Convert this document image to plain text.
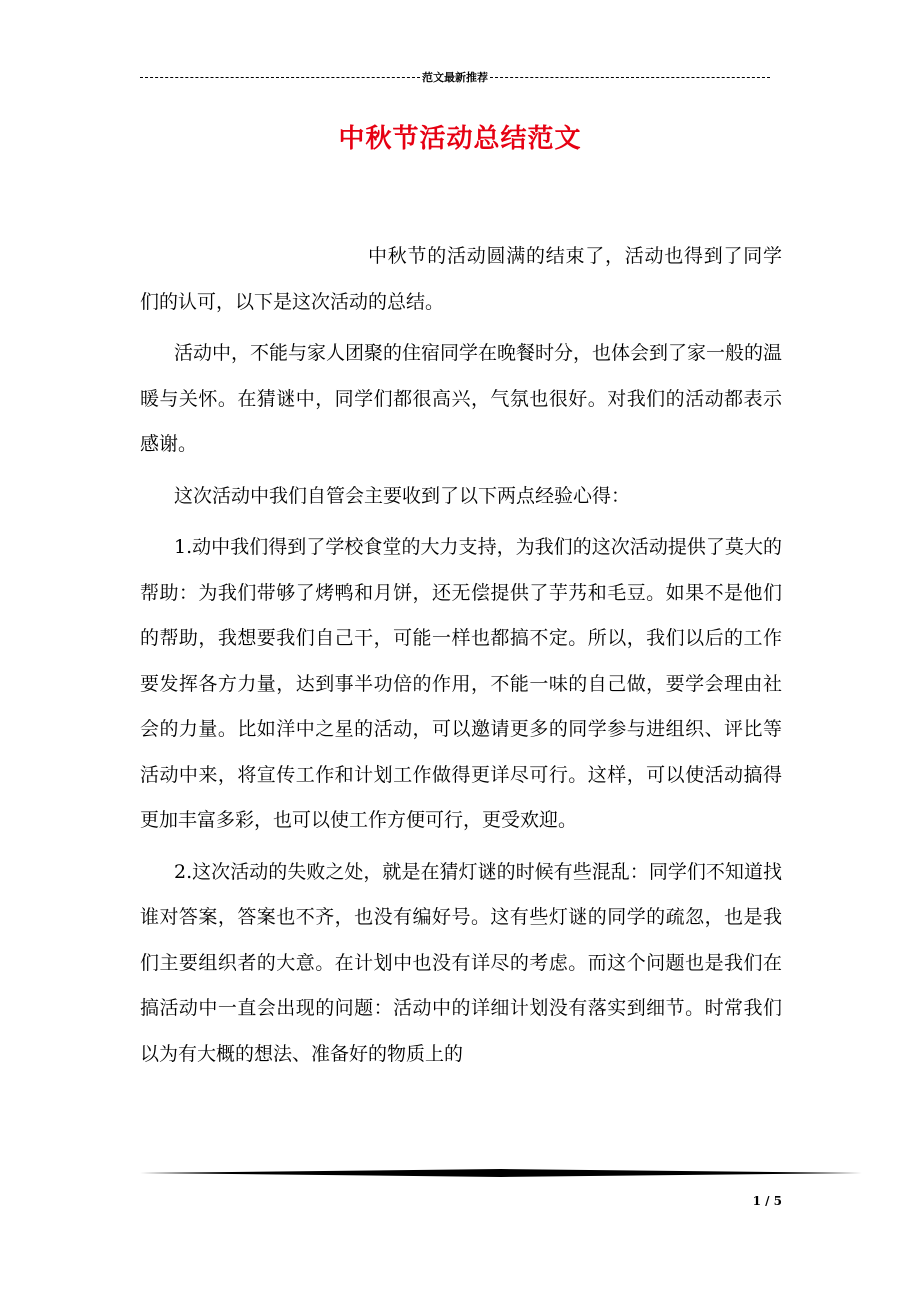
范文最新推荐
中秋节活动总结范文

中秋节的活动圆满的结束了，活动也得到了同学们的认可，以下是这次活动的总结。

活动中，不能与家人团聚的住宿同学在晚餐时分，也体会到了家一般的温暖与关怀。在猜谜中，同学们都很高兴，气氛也很好。对我们的活动都表示感谢。

这次活动中我们自管会主要收到了以下两点经验心得：

1.动中我们得到了学校食堂的大力支持，为我们的这次活动提供了莫大的帮助：为我们带够了烤鸭和月饼，还无偿提供了芋艿和毛豆。如果不是他们的帮助，我想要我们自己干，可能一样也都搞不定。所以，我们以后的工作要发挥各方力量，达到事半功倍的作用，不能一味的自己做，要学会理由社会的力量。比如洋中之星的活动，可以邀请更多的同学参与进组织、评比等活动中来，将宣传工作和计划工作做得更详尽可行。这样，可以使活动搞得更加丰富多彩，也可以使工作方便可行，更受欢迎。

2.这次活动的失败之处，就是在猜灯谜的时候有些混乱：同学们不知道找谁对答案，答案也不齐，也没有编好号。这有些灯谜的同学的疏忽，也是我们主要组织者的大意。在计划中也没有详尽的考虑。而这个问题也是我们在搞活动中一直会出现的问题：活动中的详细计划没有落实到细节。时常我们以为有大概的想法、准备好的物质上的

1 / 5
